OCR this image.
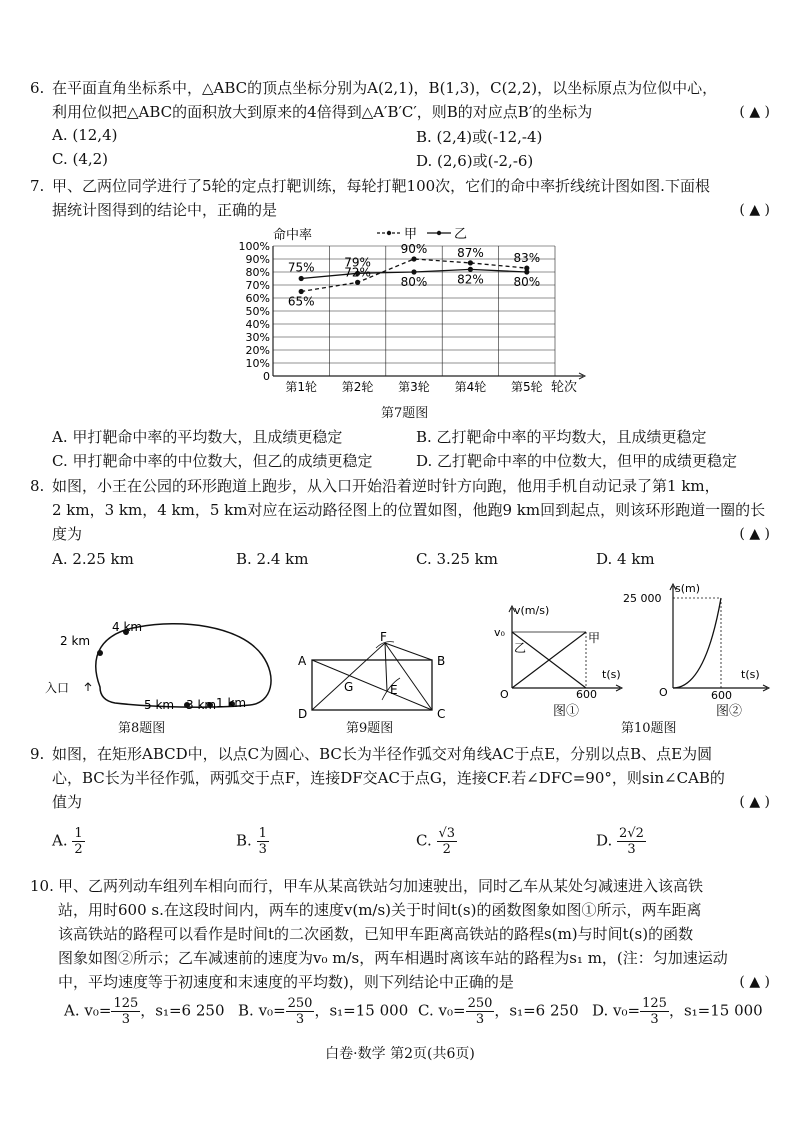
6. 在平面直角坐标系中，△ABC的顶点坐标分别为A(2,1)，B(1,3)，C(2,2)，以坐标原点为位似中心，
利用位似把△ABC的面积放大到原来的4倍得到△A′B′C′，则B的对应点B′的坐标为	( ▲ )
A. (12,4)	B. (2,4)或(-12,-4)
C. (4,2)	D. (2,6)或(-2,-6)
7. 甲、乙两位同学进行了5轮的定点打靶训练，每轮打靶100次，它们的命中率折线统计图如图.下面根
据统计图得到的结论中，正确的是	( ▲ )
0
10%
20%
30%
40%
50%
60%
70%
80%
90%
100%
第1轮 第2轮 第3轮 第4轮 第5轮
命中率
轮次
甲	乙
65%
72%
90% 87% 83%
75% 79%
80% 82% 80%
第7题图
A. 甲打靶命中率的平均数大，且成绩更稳定	B. 乙打靶命中率的平均数大，且成绩更稳定
C. 甲打靶命中率的中位数大，但乙的成绩更稳定	D. 乙打靶命中率的中位数大，但甲的成绩更稳定
8. 如图，小王在公园的环形跑道上跑步，从入口开始沿着逆时针方向跑，他用手机自动记录了第1 km，
2 km，3 km，4 km，5 km对应在运动路径图上的位置如图，他跑9 km回到起点，则该环形跑道一圈的长
度为	( ▲ )
A. 2.25 km	B. 2.4 km	C. 3.25 km	D. 4 km
2 km
4 km
入口
5 km 3 km 1 km
第8题图
A	B
C
D
E
F
G
第9题图
v(m/s)
v₀
乙
甲
t(s)
O	600
图①
s(m)
25 000
t(s)
O	600
图②
第10题图
9. 如图，在矩形ABCD中，以点C为圆心、BC长为半径作弧交对角线AC于点E，分别以点B、点E为圆
心，BC长为半径作弧，两弧交于点F，连接DF交AC于点G，连接CF.若∠DFC=90°，则sin∠CAB的
值为	( ▲ )
A. $\frac{1}{2}$	B. $\frac{1}{3}$	C. $\frac{√3}{2}$	D. $\frac{2√2}{3}$
10. 甲、乙两列动车组列车相向而行，甲车从某高铁站匀加速驶出，同时乙车从某处匀减速进入该高铁
站，用时600 s.在这段时间内，两车的速度v(m/s)关于时间t(s)的函数图象如图①所示，两车距离
该高铁站的路程可以看作是时间t的二次函数，已知甲车距离高铁站的路程s(m)与时间t(s)的函数
图象如图②所示；乙车减速前的速度为v₀ m/s，两车相遇时离该车站的路程为s₁ m，(注：匀加速运动
中，平均速度等于初速度和末速度的平均数)，则下列结论中正确的是	( ▲ )
A. $v_0= \frac{125}{3}$ ，s₁=6 250 B. $v_0= \frac{250}{3}$ ，s₁=15 000 C. $v_0= \frac{250}{3}$ ，s₁=6 250 D. $v_0= \frac{125}{3}$ ，s₁=15 000
白卷·数学 第2页(共6页)
